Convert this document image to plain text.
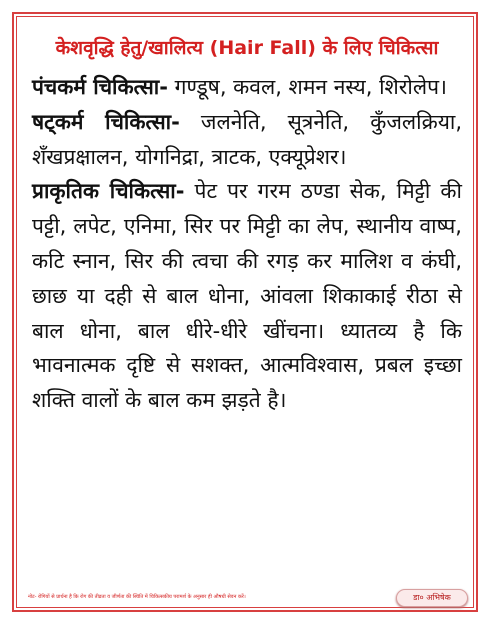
केशवृद्धि हेतु/खालित्य (Hair Fall) के लिए चिकित्सा

पंचकर्म चिकित्सा- गण्डूष, कवल, शमन नस्य, शिरोलेप।

षट्कर्म चिकित्सा- जलनेति, सूत्रनेति, कुँजलक्रिया, शँखप्रक्षालन, योगनिद्रा, त्राटक, एक्यूप्रेशर।

प्राकृतिक चिकित्सा- पेट पर गरम ठण्डा सेक, मिट्टी की पट्टी, लपेट, एनिमा, सिर पर मिट्टी का लेप, स्थानीय वाष्प, कटि स्नान, सिर की त्वचा की रगड़ कर मालिश व कंघी, छाछ या दही से बाल धोना, आंवला शिकाकाई रीठा से बाल धोना, बाल धीरे-धीरे खींचना। ध्यातव्य है कि भावनात्मक दृष्टि से सशक्त, आत्मविश्वास, प्रबल इच्छा शक्ति वालों के बाल कम झड़ते है।

नोट- रोगियों से प्रार्थना है कि रोग की तीव्रता व जीर्णता की स्थिति में चिकित्सकीय परामर्श के अनुसार ही औषधी सेवन करें।	डा० अभिषेक
